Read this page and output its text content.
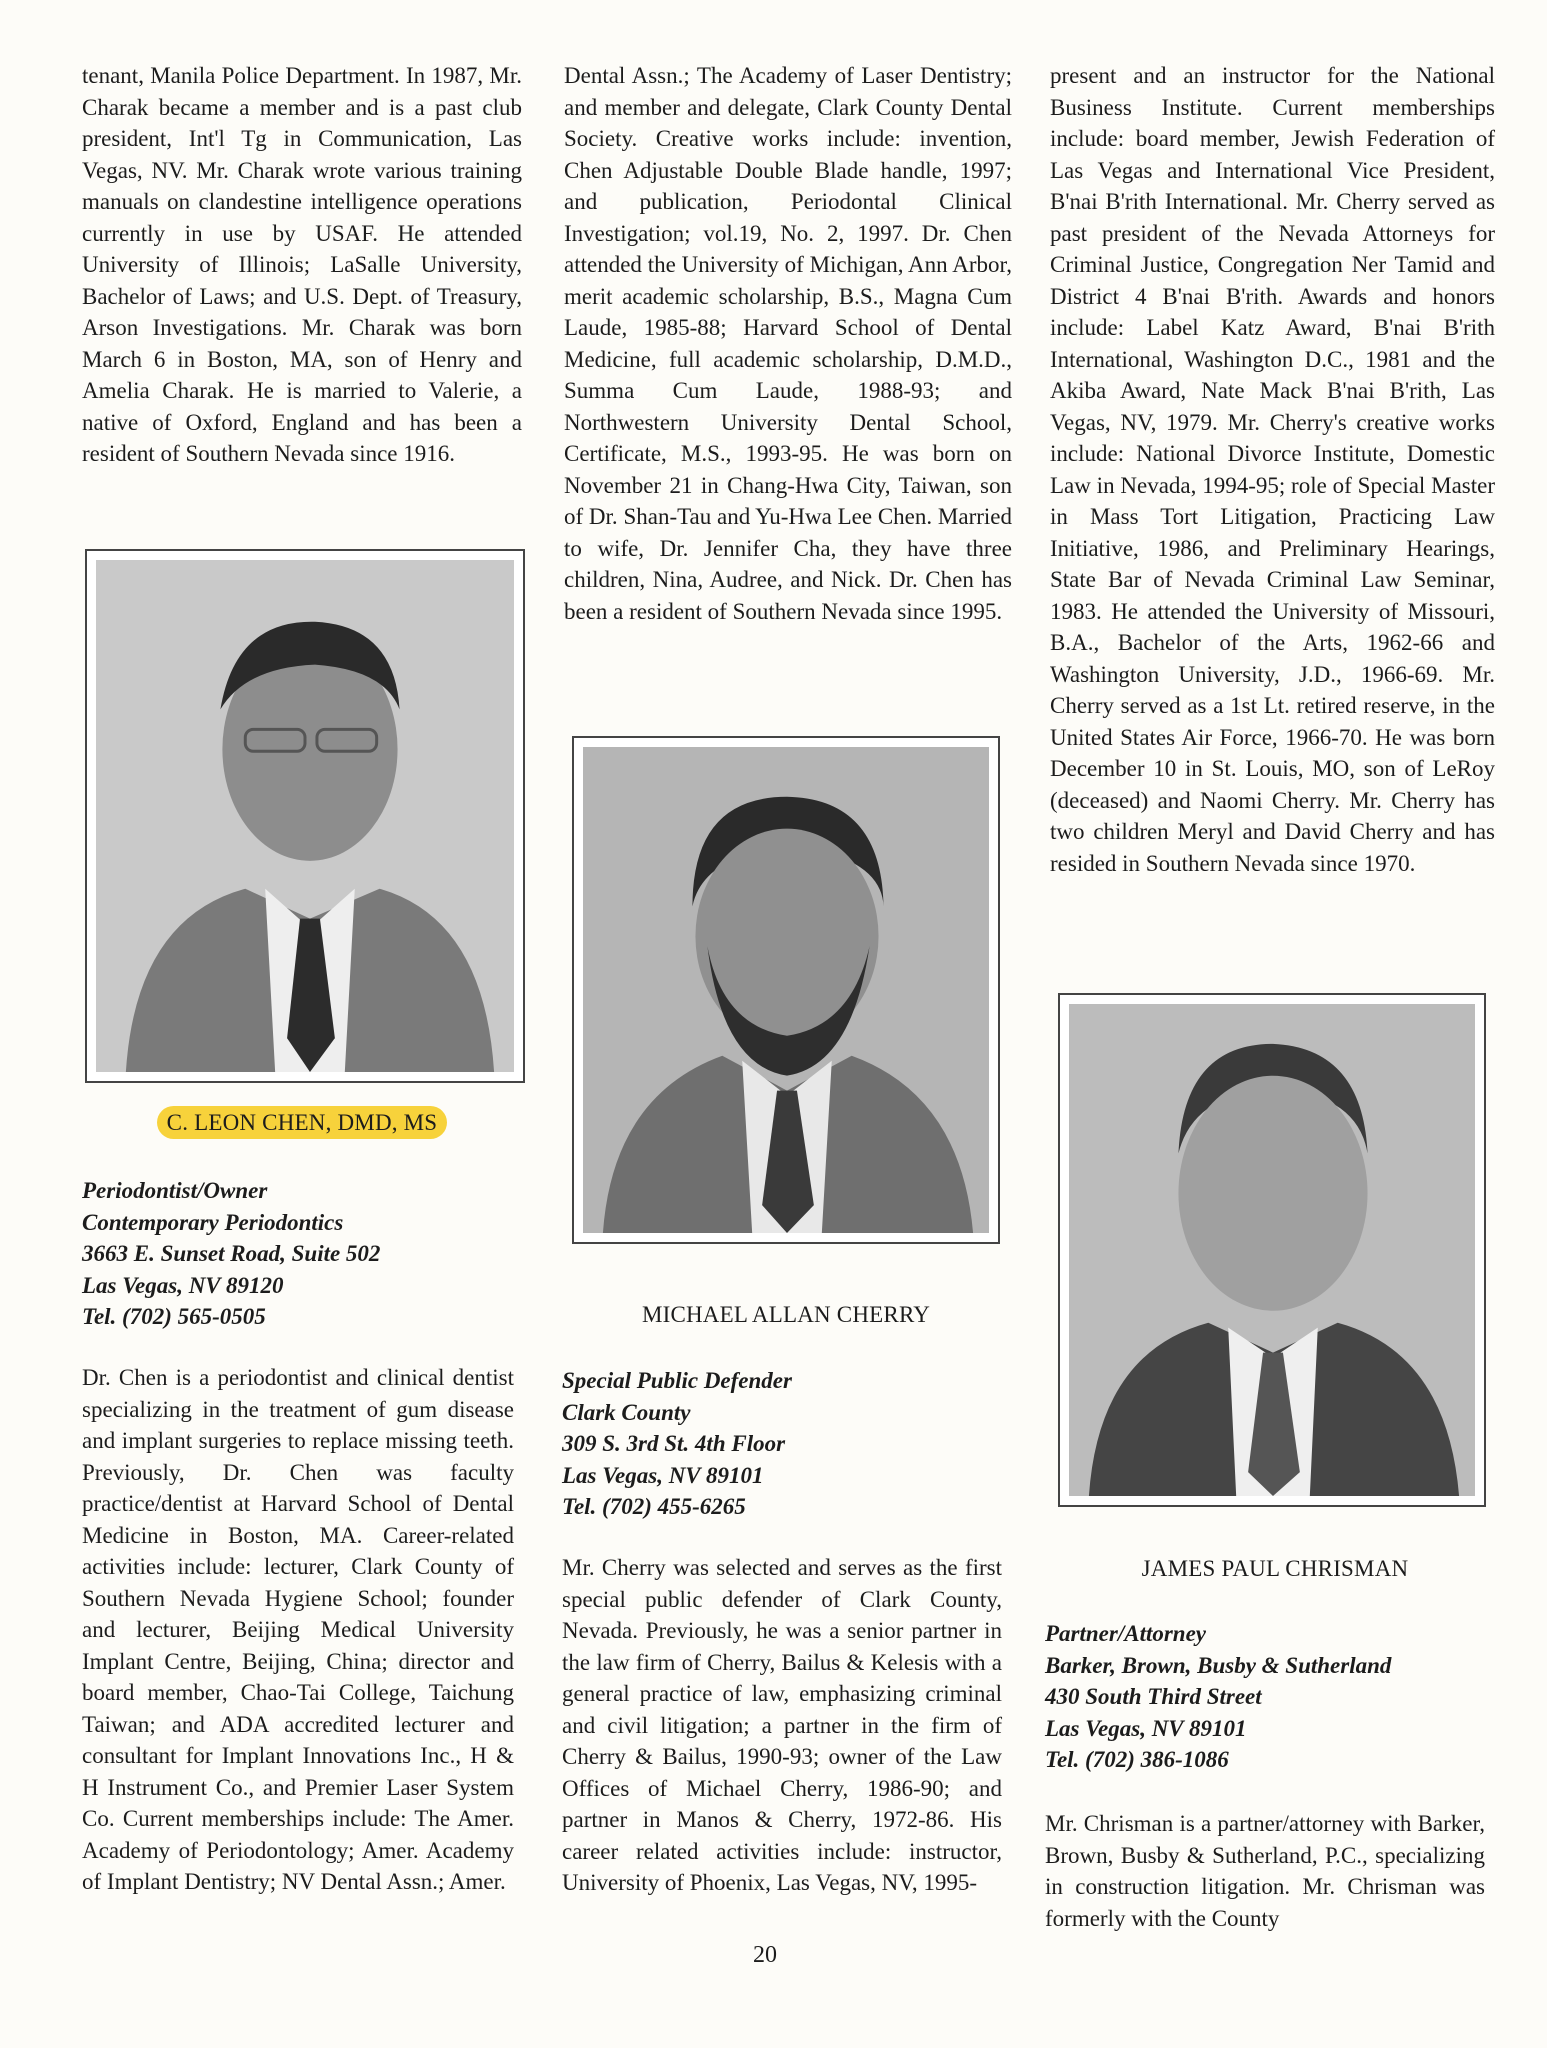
tenant, Manila Police Department. In 1987, Mr. Charak became a member and is a past club president, Int'l Tg in Communication, Las Vegas, NV. Mr. Charak wrote various training manuals on clandestine intelligence operations currently in use by USAF. He attended University of Illinois; LaSalle University, Bachelor of Laws; and U.S. Dept. of Treasury, Arson Investigations. Mr. Charak was born March 6 in Boston, MA, son of Henry and Amelia Charak. He is married to Valerie, a native of Oxford, England and has been a resident of Southern Nevada since 1916.

C. LEON CHEN, DMD, MS
Periodontist/Owner
Contemporary Periodontics
3663 E. Sunset Road, Suite 502
Las Vegas, NV 89120
Tel. (702) 565-0505

Dr. Chen is a periodontist and clinical dentist specializing in the treatment of gum disease and implant surgeries to replace missing teeth. Previously, Dr. Chen was faculty practice/dentist at Harvard School of Dental Medicine in Boston, MA. Career-related activities include: lecturer, Clark County of Southern Nevada Hygiene School; founder and lecturer, Beijing Medical University Implant Centre, Beijing, China; director and board member, Chao-Tai College, Taichung Taiwan; and ADA accredited lecturer and consultant for Implant Innovations Inc., H & H Instrument Co., and Premier Laser System Co. Current memberships include: The Amer. Academy of Periodontology; Amer. Academy of Implant Dentistry; NV Dental Assn.; Amer.

Dental Assn.; The Academy of Laser Dentistry; and member and delegate, Clark County Dental Society. Creative works include: invention, Chen Adjustable Double Blade handle, 1997; and publication, Periodontal Clinical Investigation; vol.19, No. 2, 1997. Dr. Chen attended the University of Michigan, Ann Arbor, merit academic scholarship, B.S., Magna Cum Laude, 1985-88; Harvard School of Dental Medicine, full academic scholarship, D.M.D., Summa Cum Laude, 1988-93; and Northwestern University Dental School, Certificate, M.S., 1993-95. He was born on November 21 in Chang-Hwa City, Taiwan, son of Dr. Shan-Tau and Yu-Hwa Lee Chen. Married to wife, Dr. Jennifer Cha, they have three children, Nina, Audree, and Nick. Dr. Chen has been a resident of Southern Nevada since 1995.

MICHAEL ALLAN CHERRY
Special Public Defender
Clark County
309 S. 3rd St. 4th Floor
Las Vegas, NV 89101
Tel. (702) 455-6265

Mr. Cherry was selected and serves as the first special public defender of Clark County, Nevada. Previously, he was a senior partner in the law firm of Cherry, Bailus & Kelesis with a general practice of law, emphasizing criminal and civil litigation; a partner in the firm of Cherry & Bailus, 1990-93; owner of the Law Offices of Michael Cherry, 1986-90; and partner in Manos & Cherry, 1972-86. His career related activities include: instructor, University of Phoenix, Las Vegas, NV, 1995-

present and an instructor for the National Business Institute. Current memberships include: board member, Jewish Federation of Las Vegas and International Vice President, B'nai B'rith International. Mr. Cherry served as past president of the Nevada Attorneys for Criminal Justice, Congregation Ner Tamid and District 4 B'nai B'rith. Awards and honors include: Label Katz Award, B'nai B'rith International, Washington D.C., 1981 and the Akiba Award, Nate Mack B'nai B'rith, Las Vegas, NV, 1979. Mr. Cherry's creative works include: National Divorce Institute, Domestic Law in Nevada, 1994-95; role of Special Master in Mass Tort Litigation, Practicing Law Initiative, 1986, and Preliminary Hearings, State Bar of Nevada Criminal Law Seminar, 1983. He attended the University of Missouri, B.A., Bachelor of the Arts, 1962-66 and Washington University, J.D., 1966-69. Mr. Cherry served as a 1st Lt. retired reserve, in the United States Air Force, 1966-70. He was born December 10 in St. Louis, MO, son of LeRoy (deceased) and Naomi Cherry. Mr. Cherry has two children Meryl and David Cherry and has resided in Southern Nevada since 1970.

JAMES PAUL CHRISMAN
Partner/Attorney
Barker, Brown, Busby & Sutherland
430 South Third Street
Las Vegas, NV 89101
Tel. (702) 386-1086

Mr. Chrisman is a partner/attorney with Barker, Brown, Busby & Sutherland, P.C., specializing in construction litigation. Mr. Chrisman was formerly with the County

20
